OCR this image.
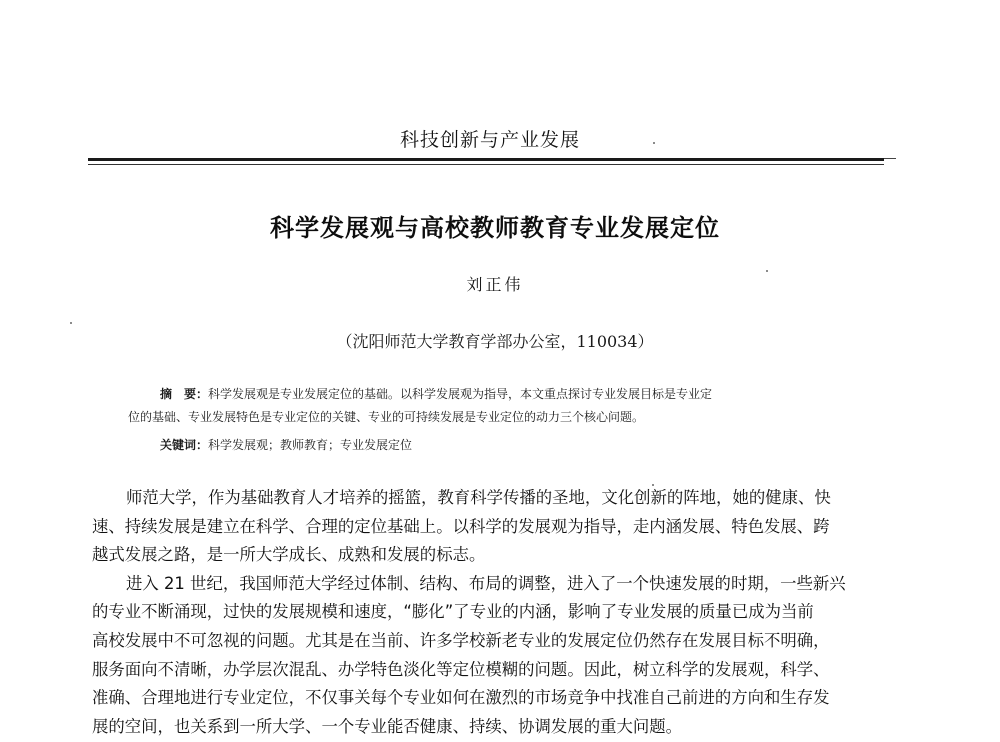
科技创新与产业发展
科学发展观与高校教师教育专业发展定位
刘正伟
（沈阳师范大学教育学部办公室，110034）
摘　要：科学发展观是专业发展定位的基础。以科学发展观为指导，本文重点探讨专业发展目标是专业定
位的基础、专业发展特色是专业定位的关键、专业的可持续发展是专业定位的动力三个核心问题。
关键词：科学发展观；教师教育；专业发展定位
师范大学，作为基础教育人才培养的摇篮，教育科学传播的圣地，文化创新的阵地，她的健康、快
速、持续发展是建立在科学、合理的定位基础上。以科学的发展观为指导，走内涵发展、特色发展、跨
越式发展之路，是一所大学成长、成熟和发展的标志。
进入 21 世纪，我国师范大学经过体制、结构、布局的调整，进入了一个快速发展的时期，一些新兴
的专业不断涌现，过快的发展规模和速度，“膨化”了专业的内涵，影响了专业发展的质量已成为当前
高校发展中不可忽视的问题。尤其是在当前、许多学校新老专业的发展定位仍然存在发展目标不明确，
服务面向不清晰，办学层次混乱、办学特色淡化等定位模糊的问题。因此，树立科学的发展观，科学、
准确、合理地进行专业定位，不仅事关每个专业如何在激烈的市场竞争中找准自己前进的方向和生存发
展的空间，也关系到一所大学、一个专业能否健康、持续、协调发展的重大问题。
